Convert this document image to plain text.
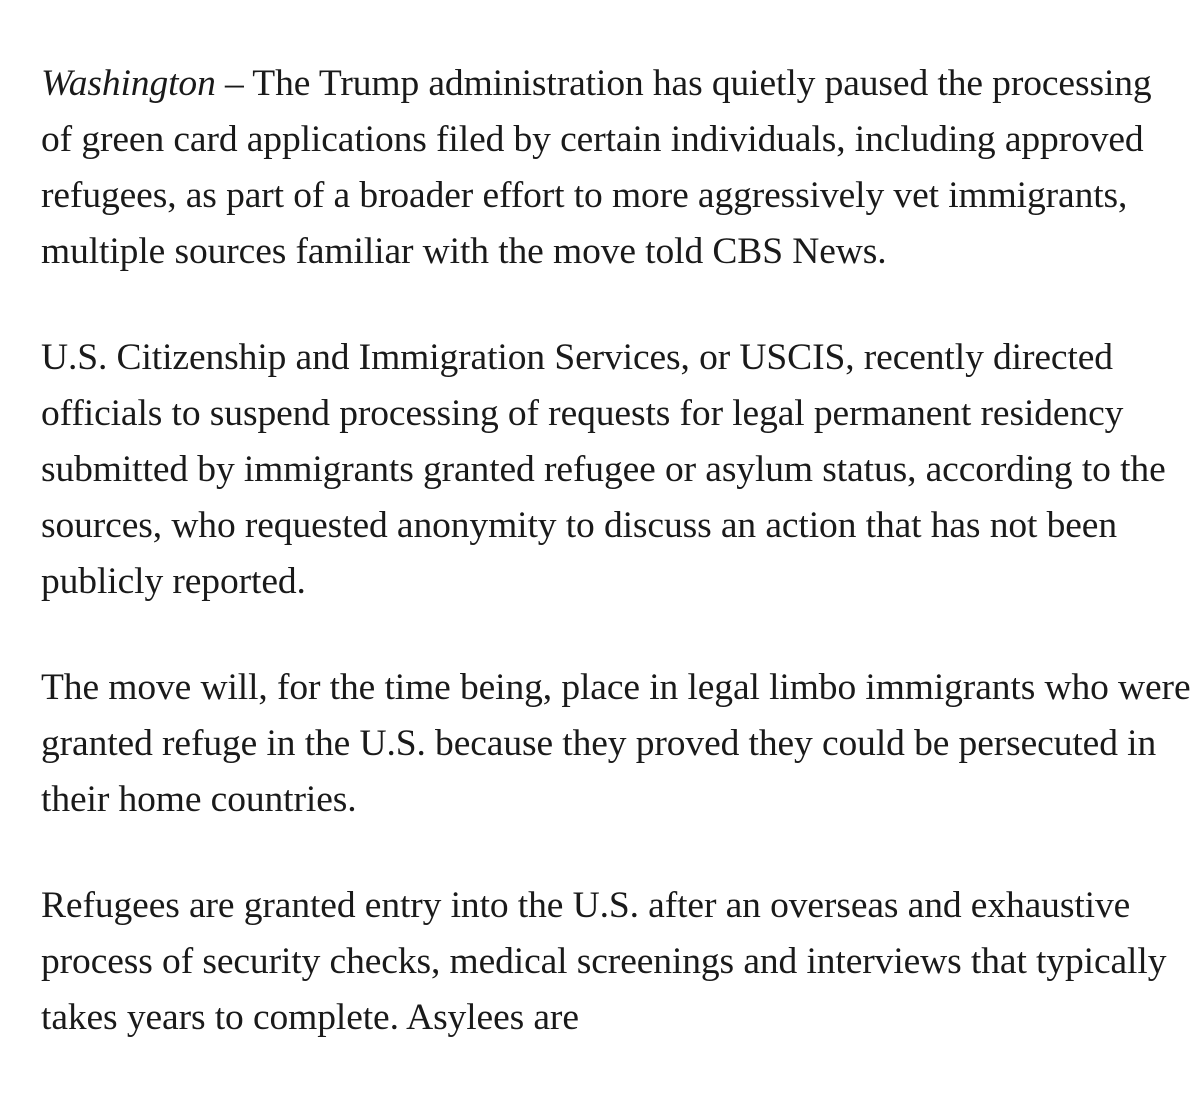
Washington – The Trump administration has quietly paused the processing of green card applications filed by certain individuals, including approved refugees, as part of a broader effort to more aggressively vet immigrants, multiple sources familiar with the move told CBS News.

U.S. Citizenship and Immigration Services, or USCIS, recently directed officials to suspend processing of requests for legal permanent residency submitted by immigrants granted refugee or asylum status, according to the sources, who requested anonymity to discuss an action that has not been publicly reported.

The move will, for the time being, place in legal limbo immigrants who were granted refuge in the U.S. because they proved they could be persecuted in their home countries.

Refugees are granted entry into the U.S. after an overseas and exhaustive process of security checks, medical screenings and interviews that typically takes years to complete. Asylees are
